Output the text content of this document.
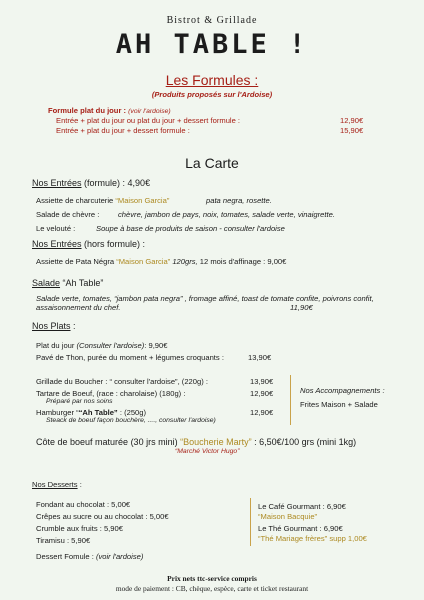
Bistrot & Grillade
AH TABLE !
Les Formules :
(Produits proposés sur l'Ardoise)
Formule plat du jour : (voir l'ardoise)
Entrée + plat du jour ou plat du jour + dessert formule :	12,90€
Entrée + plat du jour + dessert formule :	15,90€
La Carte
Nos Entrées (formule) : 4,90€
Assiette de charcuterie “Maison Garcia”	pata negra, rosette.
Salade de chèvre : chèvre, jambon de pays, noix, tomates, salade verte, vinaigrette.
Le velouté :	Soupe à base de produits de saison - consulter l'ardoise
Nos Entrées (hors formule) :
Assiette de Pata Négra “Maison Garcia” 120grs, 12 mois d'affinage : 9,00€
Salade “Ah Table”
Salade verte, tomates, “jambon pata negra” , fromage affiné, toast de tomate confite, poivrons confit,
assaisonnement du chef.	11,90€
Nos Plats :
Plat du jour (Consulter l'ardoise): 9,90€
Pavé de Thon, purée du moment + légumes croquants :	13,90€
Grillade du Boucher : “ consulter l'ardoise”, (220g) :	13,90€
Tartare de Boeuf, (race : charolaise) (180g) :	12,90€
Préparé par nos soins
Hamburger ““Ah Table” : (250g)	12,90€
Steack de boeuf façon bouchère, ...., consulter l'ardoise)
Nos Accompagnements :
Frites Maison + Salade
Côte de boeuf maturée (30 jrs mini) “Boucherie Marty” : 6,50€/100 grs (mini 1kg)
“Marché Victor Hugo”
Nos Desserts :
Fondant au chocolat : 5,00€
Crêpes au sucre ou au chocolat : 5,00€
Crumble aux fruits : 5,90€
Tiramisu : 5,90€
Dessert Fomule : (voir l'ardoise)
Le Café Gourmant : 6,90€
“Maison Bacquie”
Le Thé Gourmant : 6,90€
“Thé Mariage frères” supp 1,00€
Prix nets ttc-service compris
mode de paiement : CB, chèque, espèce, carte et ticket restaurant
